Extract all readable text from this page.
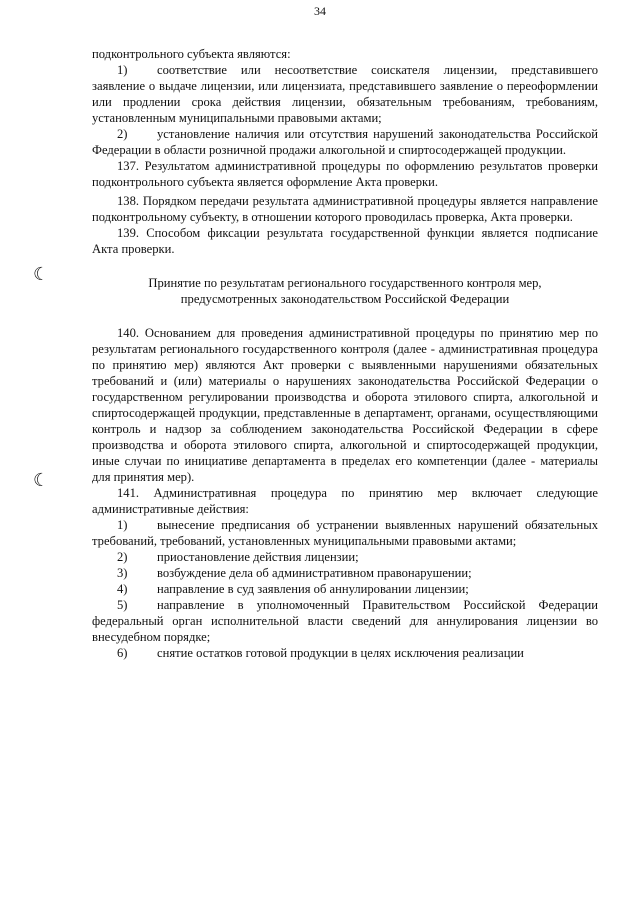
34
☾
☾

подконтрольного субъекта являются:

1) соответствие или несоответствие соискателя лицензии, представившего заявление о выдаче лицензии, или лицензиата, представившего заявление о переоформлении или продлении срока действия лицензии, обязательным требованиям, требованиям, установленным муниципальными правовыми актами;

2) установление наличия или отсутствия нарушений законодательства Российской Федерации в области розничной продажи алкогольной и спиртосодержащей продукции.

137. Результатом административной процедуры по оформлению результатов проверки подконтрольного субъекта является оформление Акта проверки.

138. Порядком передачи результата административной процедуры является направление подконтрольному субъекту, в отношении которого проводилась проверка, Акта проверки.

139. Способом фиксации результата государственной функции является подписание Акта проверки.

Принятие по результатам регионального государственного контроля мер,

предусмотренных законодательством Российской Федерации

140. Основанием для проведения административной процедуры по принятию мер по результатам регионального государственного контроля (далее - административная процедура по принятию мер) являются Акт проверки с выявленными нарушениями обязательных требований и (или) материалы о нарушениях законодательства Российской Федерации о государственном регулировании производства и оборота этилового спирта, алкогольной и спиртосодержащей продукции, представленные в департамент, органами, осуществляющими контроль и надзор за соблюдением законодательства Российской Федерации в сфере производства и оборота этилового спирта, алкогольной и спиртосодержащей продукции, иные случаи по инициативе департамента в пределах его компетенции (далее - материалы для принятия мер).

141. Административная процедура по принятию мер включает следующие административные действия:

1) вынесение предписания об устранении выявленных нарушений обязательных требований, требований, установленных муниципальными правовыми актами;

2) приостановление действия лицензии;

3) возбуждение дела об административном правонарушении;

4) направление в суд заявления об аннулировании лицензии;

5) направление в уполномоченный Правительством Российской Федерации федеральный орган исполнительной власти сведений для аннулирования лицензии во внесудебном порядке;

6) снятие остатков готовой продукции в целях исключения реализации
